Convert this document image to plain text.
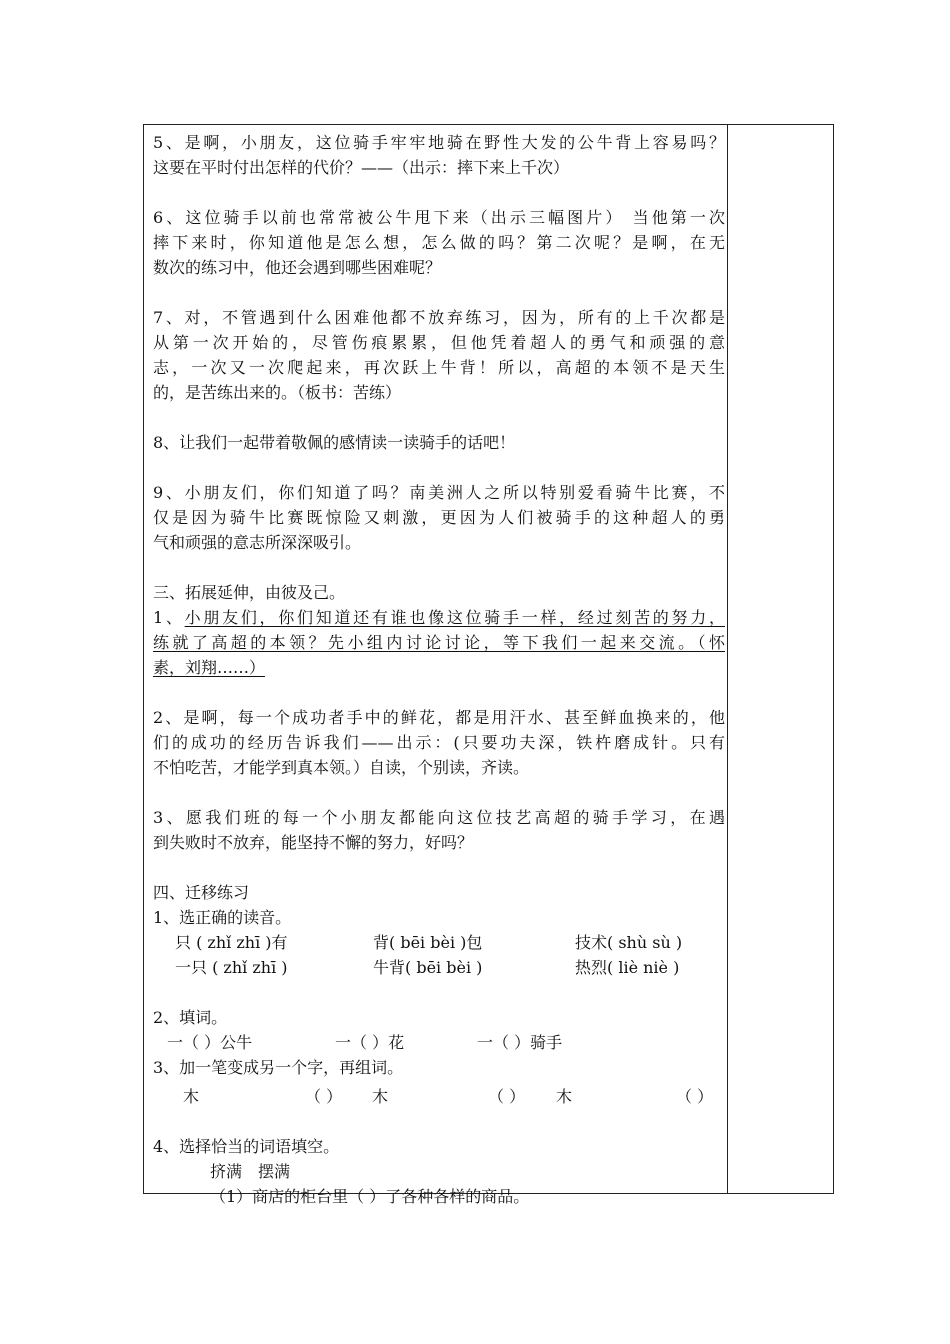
5、是啊，小朋友，这位骑手牢牢地骑在野性大发的公牛背上容易吗？

这要在平时付出怎样的代价？——（出示：摔下来上千次）

6、这位骑手以前也常常被公牛甩下来（出示三幅图片） 当他第一次

摔下来时，你知道他是怎么想，怎么做的吗？第二次呢？是啊，在无

数次的练习中，他还会遇到哪些困难呢？

7、对，不管遇到什么困难他都不放弃练习，因为，所有的上千次都是

从第一次开始的，尽管伤痕累累，但他凭着超人的勇气和顽强的意

志，一次又一次爬起来，再次跃上牛背！所以，高超的本领不是天生

的，是苦练出来的。（板书：苦练）

8、让我们一起带着敬佩的感情读一读骑手的话吧！

9、小朋友们，你们知道了吗？南美洲人之所以特别爱看骑牛比赛，不

仅是因为骑牛比赛既惊险又刺激，更因为人们被骑手的这种超人的勇

气和顽强的意志所深深吸引。

三、拓展延伸，由彼及己。

1、小朋友们，你们知道还有谁也像这位骑手一样，经过刻苦的努力，

练就了高超的本领？先小组内讨论讨论，等下我们一起来交流。（怀

素，刘翔……）

2、是啊，每一个成功者手中的鲜花，都是用汗水、甚至鲜血换来的，他

们的成功的经历告诉我们——出示：(只要功夫深，铁杵磨成针。只有

不怕吃苦，才能学到真本领。）自读，个别读，齐读。

3、愿我们班的每一个小朋友都能向这位技艺高超的骑手学习，在遇

到失败时不放弃，能坚持不懈的努力，好吗？

四、迁移练习

1、选正确的读音。

只 ( zhǐ zhī )有	背( bēi bèi )包	技术( shù sù )
一只 ( zhǐ zhī )	牛背( bēi bèi )	热烈( liè niè )

2、填词。

一（ ）公牛	一（ ）花	一（ ）骑手

3、加一笔变成另一个字，再组词。

木	（ ）	木	（ ）	木	（ ）

4、选择恰当的词语填空。

挤满　摆满

（1）商店的柜台里（ ）了各种各样的商品。
